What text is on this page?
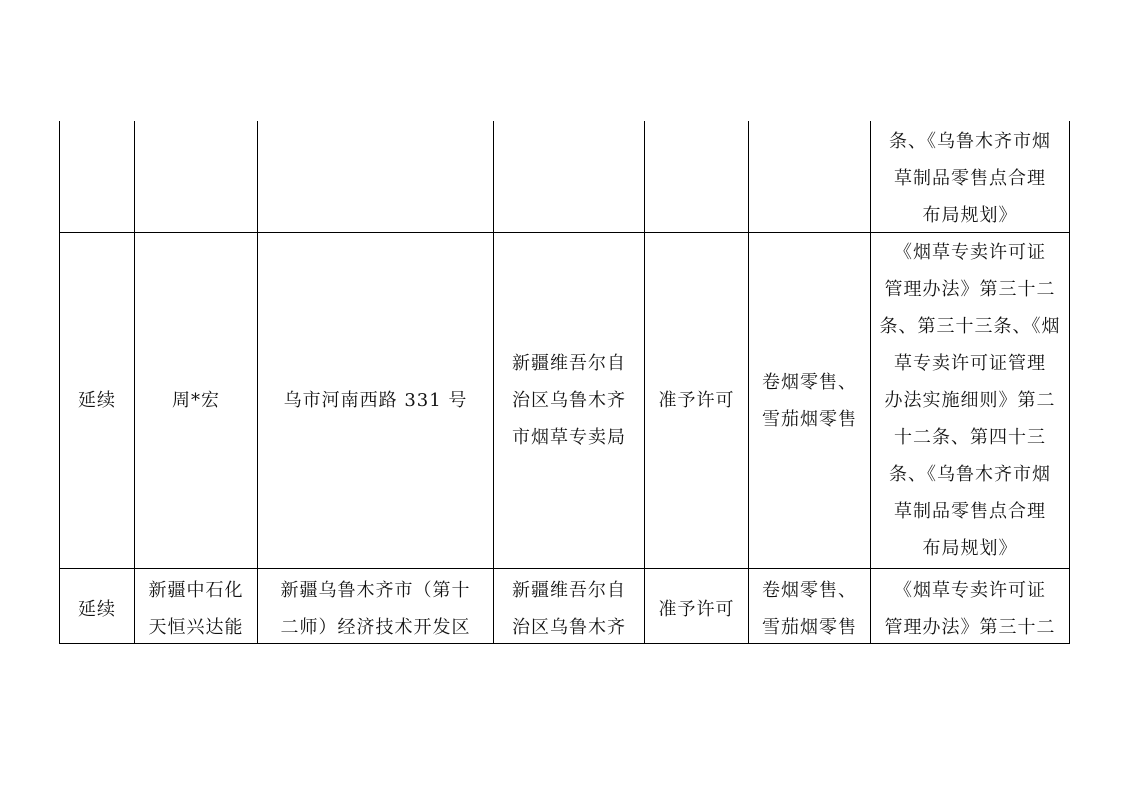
条、《乌鲁木齐市烟
草制品零售点合理
布局规划》
延续	周*宏	乌市河南西路 331 号
新疆维吾尔自
治区乌鲁木齐
市烟草专卖局
准予许可
卷烟零售、
雪茄烟零售
《烟草专卖许可证
管理办法》第三十二
条、第三十三条、《烟
草专卖许可证管理
办法实施细则》第二
十二条、第四十三
条、《乌鲁木齐市烟
草制品零售点合理
布局规划》
延续
新疆中石化
天恒兴达能
新疆乌鲁木齐市（第十
二师）经济技术开发区
新疆维吾尔自
治区乌鲁木齐
准予许可
卷烟零售、
雪茄烟零售
《烟草专卖许可证
管理办法》第三十二
